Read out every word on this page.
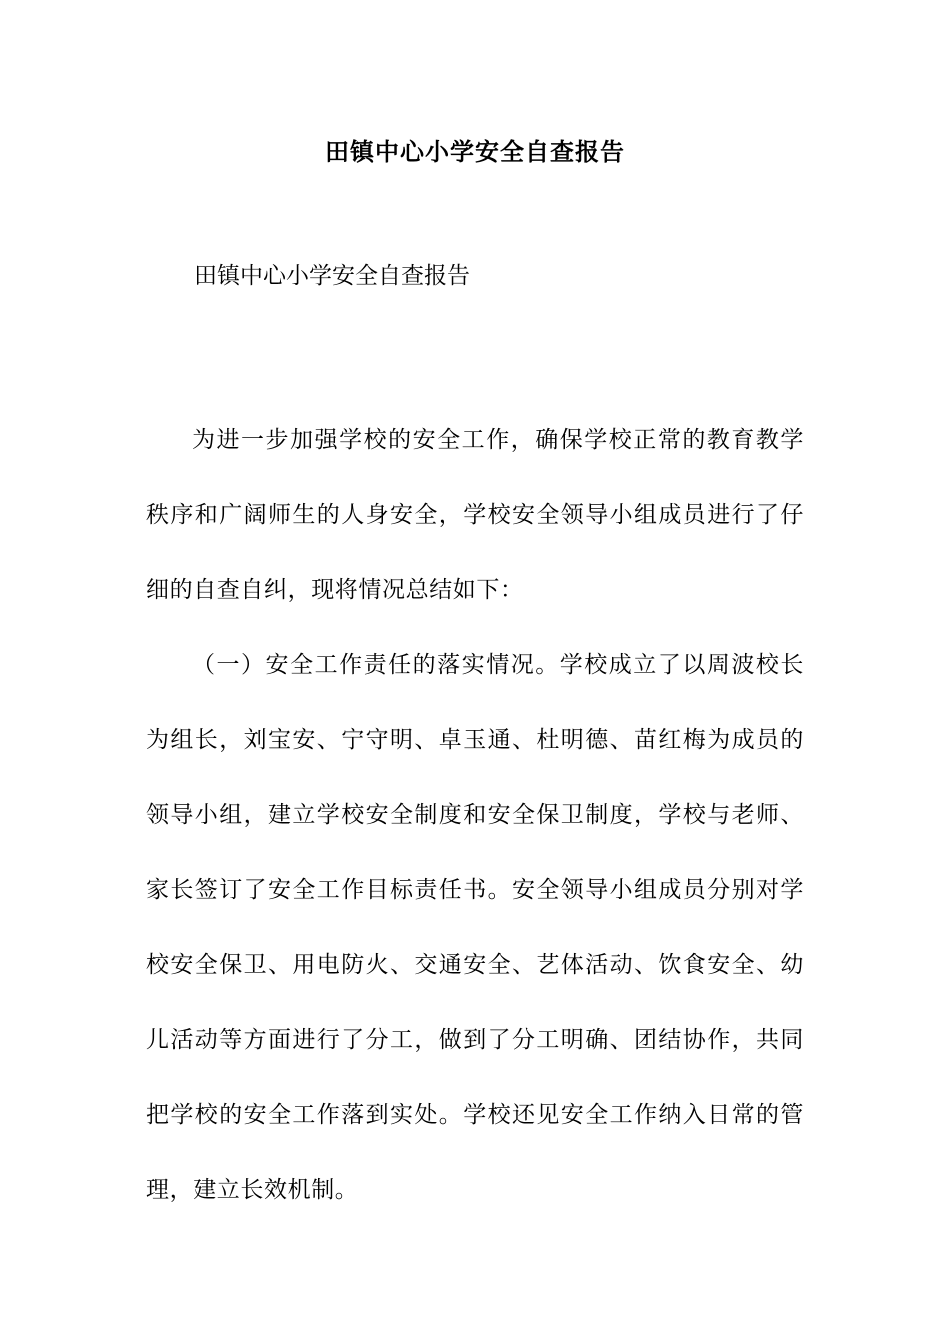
田镇中心小学安全自查报告
田镇中心小学安全自查报告

为进一步加强学校的安全工作，确保学校正常的教育教学秩序和广阔师生的人身安全，学校安全领导小组成员进行了仔细的自查自纠，现将情况总结如下：

（一）安全工作责任的落实情况。学校成立了以周波校长为组长，刘宝安、宁守明、卓玉通、杜明德、苗红梅为成员的领导小组，建立学校安全制度和安全保卫制度，学校与老师、家长签订了安全工作目标责任书。安全领导小组成员分别对学校安全保卫、用电防火、交通安全、艺体活动、饮食安全、幼儿活动等方面进行了分工，做到了分工明确、团结协作，共同把学校的安全工作落到实处。学校还见安全工作纳入日常的管理，建立长效机制。
